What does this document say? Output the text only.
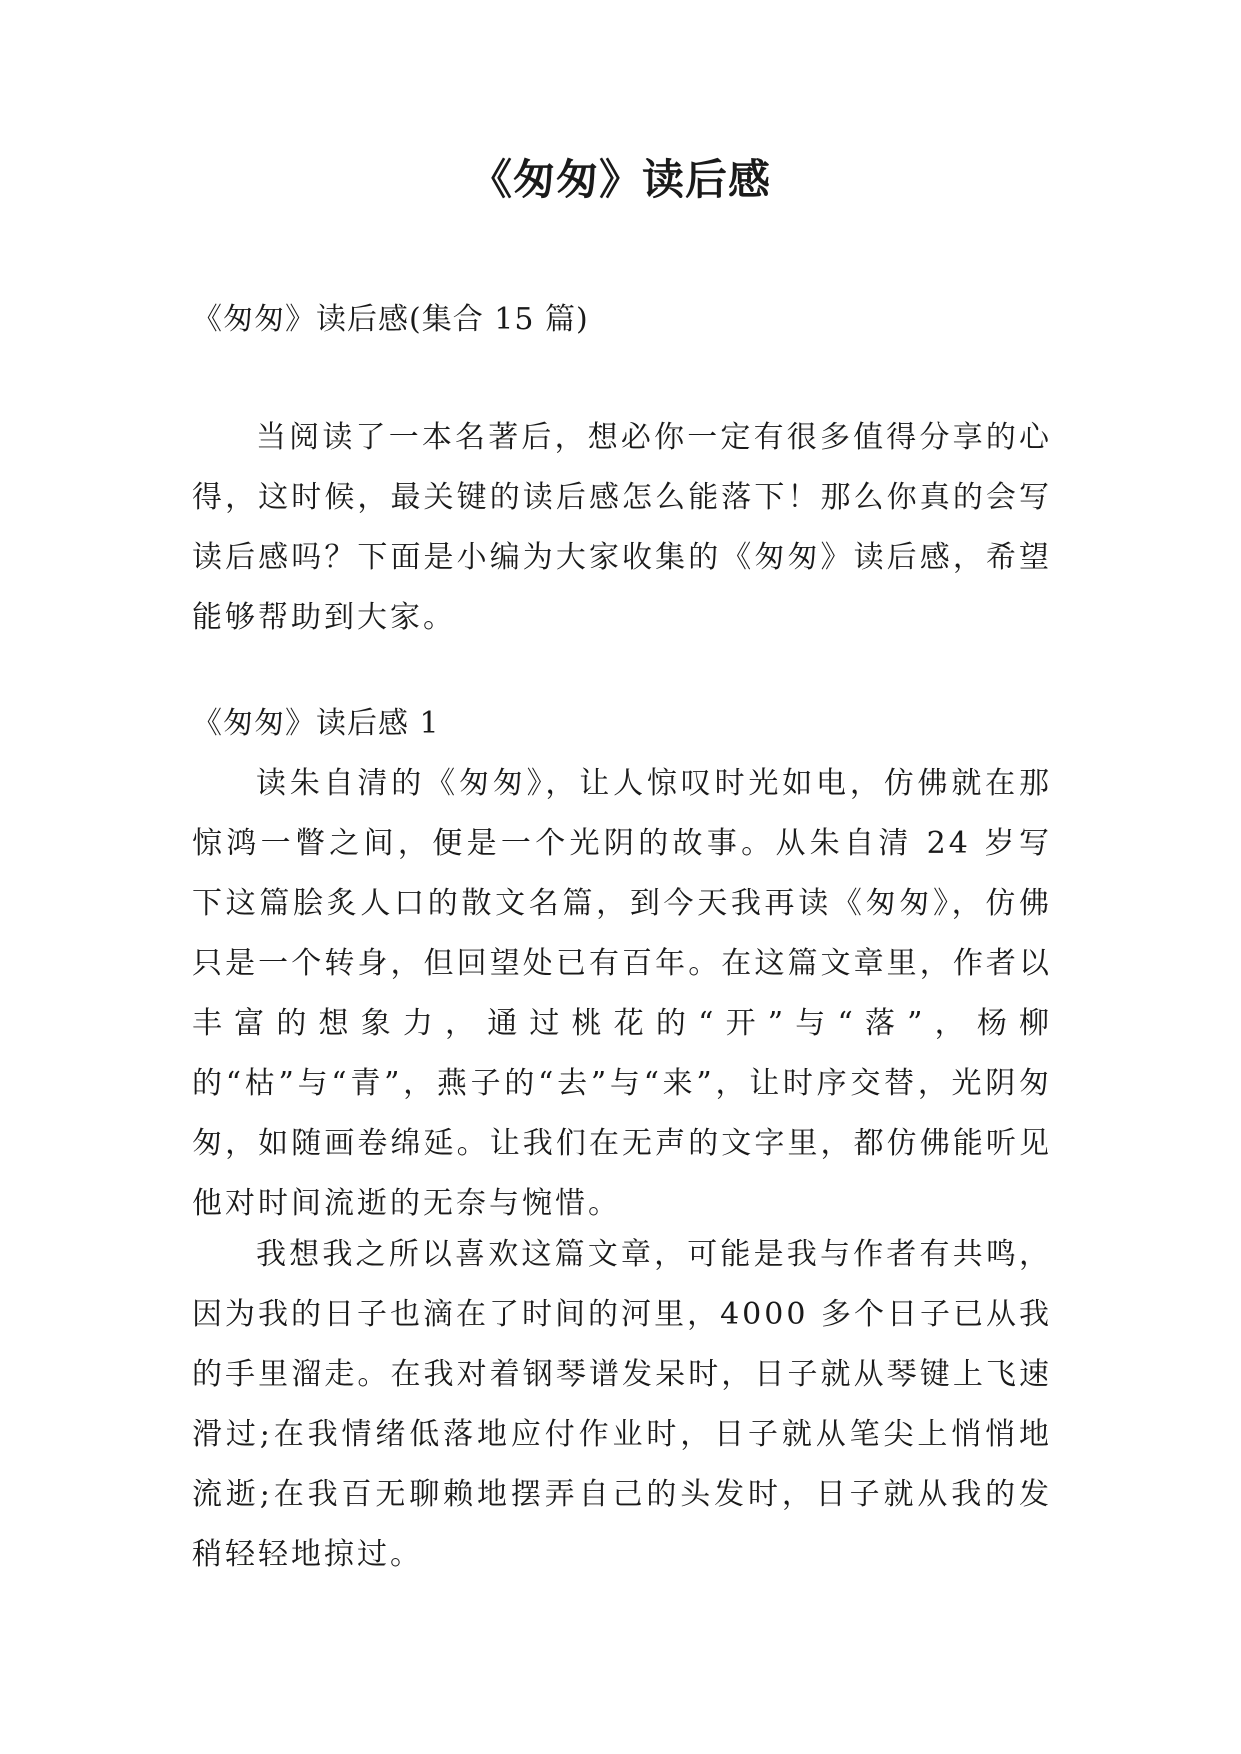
《匆匆》读后感
《匆匆》读后感(集合 15 篇)

当阅读了一本名著后，想必你一定有很多值得分享的心得，这时候，最关键的读后感怎么能落下！那么你真的会写读后感吗？下面是小编为大家收集的《匆匆》读后感，希望能够帮助到大家。

《匆匆》读后感 1

读朱自清的《匆匆》，让人惊叹时光如电，仿佛就在那惊鸿一瞥之间，便是一个光阴的故事。从朱自清 24 岁写下这篇脍炙人口的散文名篇，到今天我再读《匆匆》，仿佛只是一个转身，但回望处已有百年。在这篇文章里，作者以丰富的想象力，通过桃花的“开”与“落”，杨柳的“枯”与“青”，燕子的“去”与“来”，让时序交替，光阴匆匆，如随画卷绵延。让我们在无声的文字里，都仿佛能听见他对时间流逝的无奈与惋惜。

我想我之所以喜欢这篇文章，可能是我与作者有共鸣，因为我的日子也滴在了时间的河里，4000 多个日子已从我的手里溜走。在我对着钢琴谱发呆时，日子就从琴键上飞速滑过;在我情绪低落地应付作业时，日子就从笔尖上悄悄地流逝;在我百无聊赖地摆弄自己的头发时，日子就从我的发稍轻轻地掠过。
